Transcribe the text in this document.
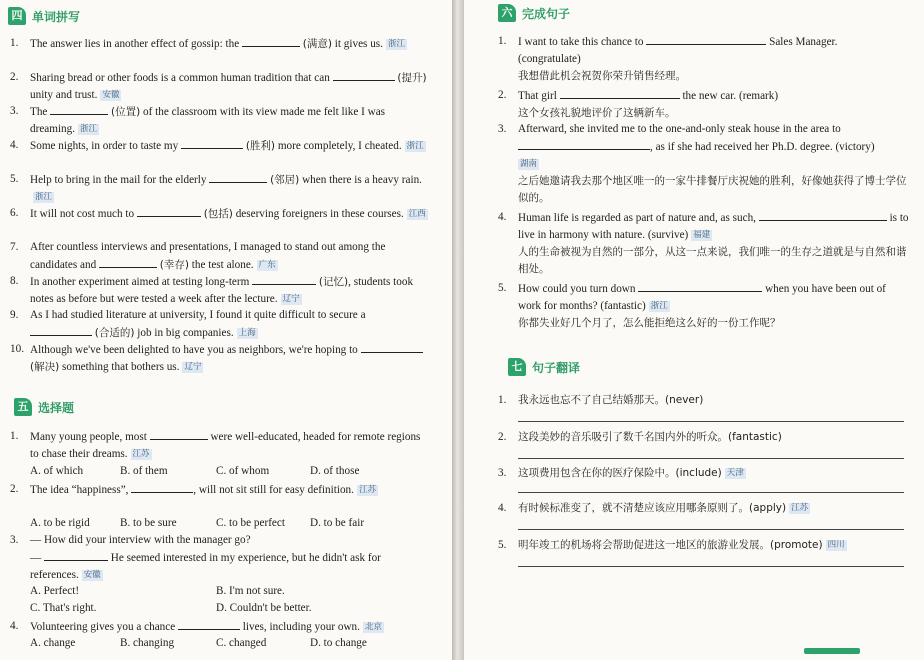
四 单词拼写
1. The answer lies in another effect of gossip: the	(满意) it gives us. 浙江
2. Sharing bread or other foods is a common human tradition that can	(提升) unity and trust. 安徽
3. The	(位置) of the classroom with its view made me felt like I was dreaming. 浙江
4. Some nights, in order to taste my	(胜利) more completely, I cheated. 浙江
5. Help to bring in the mail for the elderly	(邻居) when there is a heavy rain.浙江
6. It will not cost much to	(包括) deserving foreigners in these courses. 江西
7. After countless interviews and presentations, I managed to stand out among the candidates and	(幸存) the test alone. 广东
8. In another experiment aimed at testing long-term	(记忆), students took notes as before but were tested a week after the lecture. 辽宁
9. As I had studied literature at university, I found it quite difficult to secure a  (合适的) job in big companies. 上海
10. Although we've been delighted to have you as neighbors, we're hoping to  (解决) something that bothers us. 辽宁
五 选择题
1. Many young people, most	were well-educated, headed for remote regions to chase their dreams. 江苏
A. of which	B. of them	C. of whom	D. of those
2. The idea “happiness”,	, will not sit still for easy definition. 江苏
A. to be rigid	B. to be sure	C. to be perfect D. to be fair
3. — How did your interview with the manager go?
—	He seemed interested in my experience, but he didn't ask for references. 安徽
A. Perfect!	B. I'm not sure.
C. That's right.	D. Couldn't be better.
4. Volunteering gives you a chance	lives, including your own. 北京
A. change	B. changing	C. changed	D. to change
六 完成句子
1. I want to take this chance to	Sales Manager.
(congratulate)
我想借此机会祝贺你荣升销售经理。
2. That girl	the new car. (remark)
这个女孩礼貌地评价了这辆新车。
3. Afterward, she invited me to the one-and-only steak house in the area to
, as if she had received her Ph.D. degree. (victory)
湖南
之后她邀请我去那个地区唯一的一家牛排餐厅庆祝她的胜利，好像她获得了博士学位似的。
4. Human life is regarded as part of nature and, as such,	is to live in harmony with nature. (survive) 福建
人的生命被视为自然的一部分，从这一点来说，我们唯一的生存之道就是与自然和谐相处。
5. How could you turn down	when you have been out of work for months? (fantastic) 浙江
你都失业好几个月了，怎么能拒绝这么好的一份工作呢？
七 句子翻译
1. 我永远也忘不了自己结婚那天。(never)
2. 这段美妙的音乐吸引了数千名国内外的听众。(fantastic)
3. 这项费用包含在你的医疗保险中。(include) 天津
4. 有时候标准变了，就不清楚应该应用哪条原则了。(apply) 江苏
5. 明年竣工的机场将会帮助促进这一地区的旅游业发展。(promote) 四川
